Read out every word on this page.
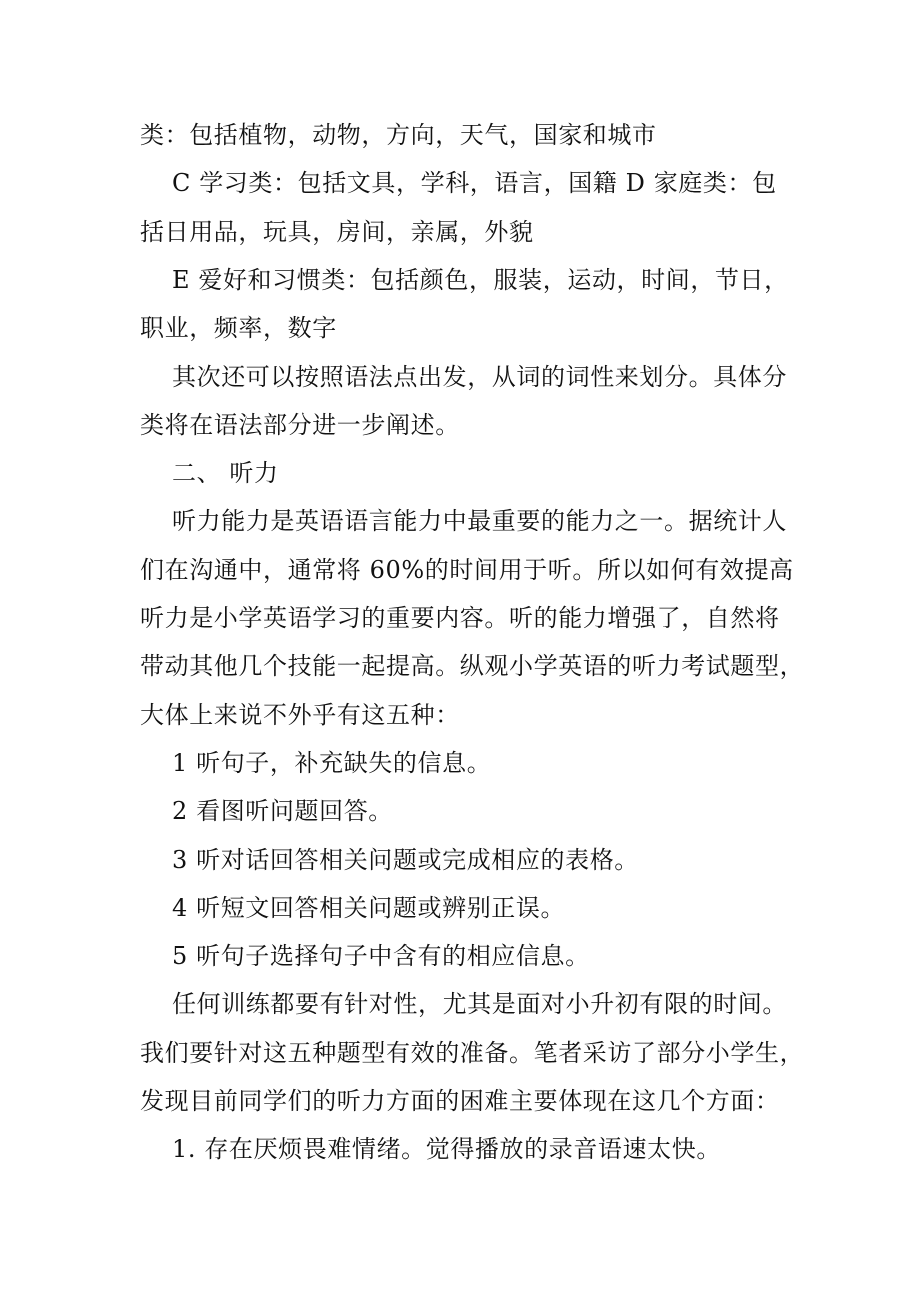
类：包括植物，动物，方向，天气，国家和城市
C 学习类：包括文具，学科，语言，国籍 D 家庭类：包
括日用品，玩具，房间，亲属，外貌
E 爱好和习惯类：包括颜色，服装，运动，时间，节日，
职业，频率，数字
其次还可以按照语法点出发，从词的词性来划分。具体分
类将在语法部分进一步阐述。
二、 听力
听力能力是英语语言能力中最重要的能力之一。据统计人
们在沟通中，通常将 60%的时间用于听。所以如何有效提高
听力是小学英语学习的重要内容。听的能力增强了，自然将
带动其他几个技能一起提高。纵观小学英语的听力考试题型，
大体上来说不外乎有这五种：
1 听句子，补充缺失的信息。
2 看图听问题回答。
3 听对话回答相关问题或完成相应的表格。
4 听短文回答相关问题或辨别正误。
5 听句子选择句子中含有的相应信息。
任何训练都要有针对性，尤其是面对小升初有限的时间。
我们要针对这五种题型有效的准备。笔者采访了部分小学生，
发现目前同学们的听力方面的困难主要体现在这几个方面：
1. 存在厌烦畏难情绪。觉得播放的录音语速太快。
